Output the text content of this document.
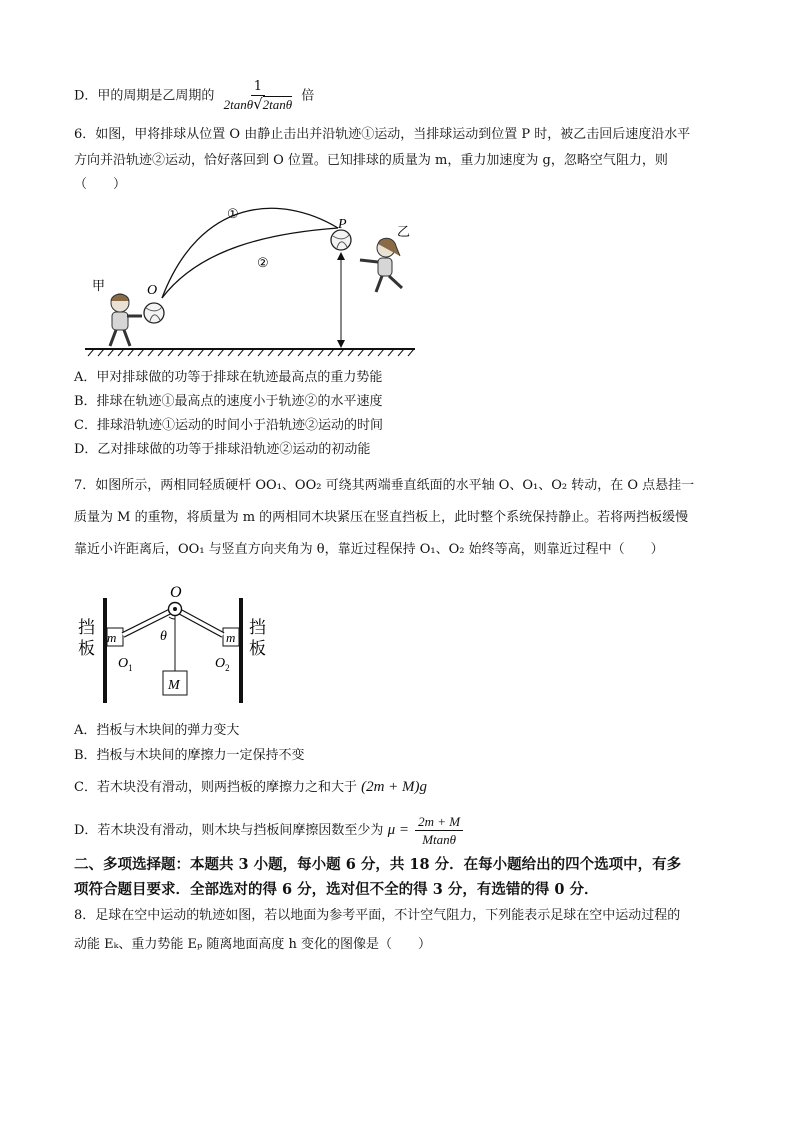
D．甲的周期是乙周期的 $\frac{1}{2\tan\theta√2\tan\theta}$ 倍
6．如图，甲将排球从位置 O 由静止击出并沿轨迹①运动，当排球运动到位置 P 时，被乙击回后速度沿水平
方向并沿轨迹②运动，恰好落回到 O 位置。已知排球的质量为 m，重力加速度为 g，忽略空气阻力，则
（　　）
①
②
O
P
甲
乙
A．甲对排球做的功等于排球在轨迹最高点的重力势能
B．排球在轨迹①最高点的速度小于轨迹②的水平速度
C．排球沿轨迹①运动的时间小于沿轨迹②运动的时间
D．乙对排球做的功等于排球沿轨迹②运动的初动能
7．如图所示，两相同轻质硬杆 OO₁、OO₂ 可绕其两端垂直纸面的水平轴 O、O₁、O₂ 转动，在 O 点悬挂一
质量为 M 的重物，将质量为 m 的两相同木块紧压在竖直挡板上，此时整个系统保持静止。若将两挡板缓慢
靠近小许距离后，OO₁ 与竖直方向夹角为 θ，靠近过程保持 O₁、O₂ 始终等高，则靠近过程中（　　）
挡
板
挡
板
m	m
O
θ
M
$O_1$	$O_2$
A．挡板与木块间的弹力变大
B．挡板与木块间的摩擦力一定保持不变
C．若木块没有滑动，则两挡板的摩擦力之和大于 (2m + M)g
D．若木块没有滑动，则木块与挡板间摩擦因数至少为 $\mu = \frac{2m + M}{Mtan\theta}$
二、多项选择题：本题共 3 小题，每小题 6 分，共 18 分．在每小题给出的四个选项中，有多
项符合题目要求．全部选对的得 6 分，选对但不全的得 3 分，有选错的得 0 分．
8．足球在空中运动的轨迹如图，若以地面为参考平面，不计空气阻力，下列能表示足球在空中运动过程的
动能 Eₖ、重力势能 Eₚ 随离地面高度 h 变化的图像是（　　）
